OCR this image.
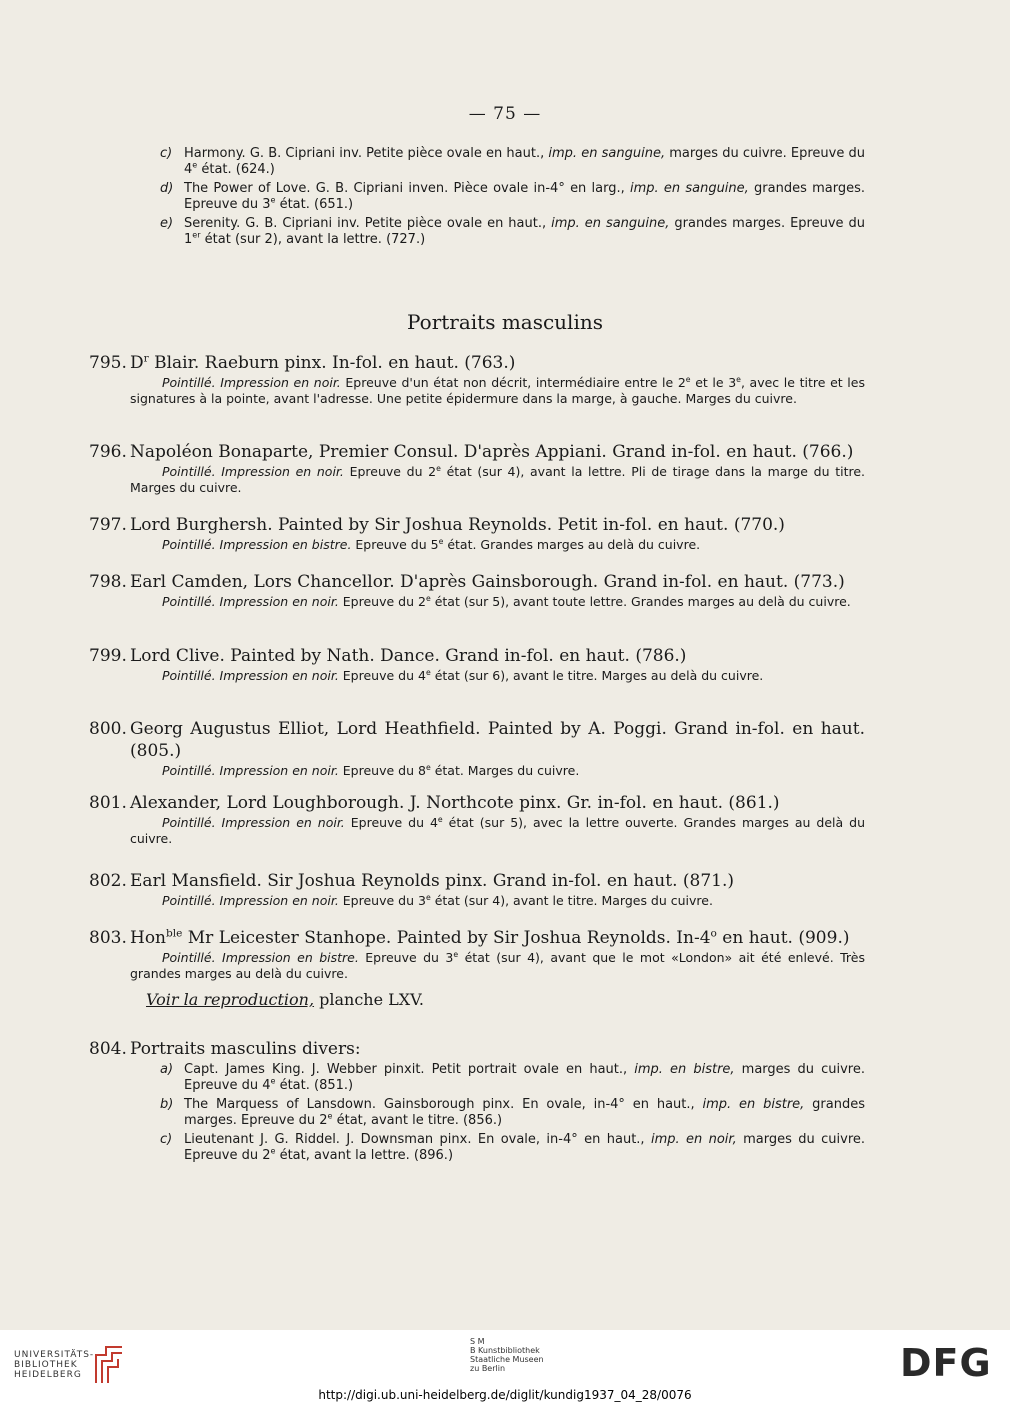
— 75 —
c) Harmony. G. B. Cipriani inv. Petite pièce ovale en haut., imp. en sanguine, marges du cuivre. Epreuve du 4e état. (624.)
d) The Power of Love. G. B. Cipriani inven. Pièce ovale in-4° en larg., imp. en sanguine, grandes marges. Epreuve du 3e état. (651.)
e) Serenity. G. B. Cipriani inv. Petite pièce ovale en haut., imp. en sanguine, grandes marges. Epreuve du 1er état (sur 2), avant la lettre. (727.)
Portraits masculins
795. $D^r$ Blair. Raeburn pinx. In-fol. en haut. (763.)
Pointillé. Impression en noir. Epreuve d'un état non décrit, intermédiaire entre le 2e et le 3e, avec le titre et les signatures à la pointe, avant l'adresse. Une petite épidermure dans la marge, à gauche. Marges du cuivre.
796. Napoléon Bonaparte, Premier Consul. D'après Appiani. Grand in-fol. en haut. (766.)
Pointillé. Impression en noir. Epreuve du 2e état (sur 4), avant la lettre. Pli de tirage dans la marge du titre. Marges du cuivre.
797. Lord Burghersh. Painted by Sir Joshua Reynolds. Petit in-fol. en haut. (770.)
Pointillé. Impression en bistre. Epreuve du 5e état. Grandes marges au delà du cuivre.
798. Earl Camden, Lors Chancellor. D'après Gainsborough. Grand in-fol. en haut. (773.)
Pointillé. Impression en noir. Epreuve du 2e état (sur 5), avant toute lettre. Grandes marges au delà du cuivre.
799. Lord Clive. Painted by Nath. Dance. Grand in-fol. en haut. (786.)
Pointillé. Impression en noir. Epreuve du 4e état (sur 6), avant le titre. Marges au delà du cuivre.
800. Georg Augustus Elliot, Lord Heathfield. Painted by A. Poggi. Grand in-fol. en haut. (805.)
Pointillé. Impression en noir. Epreuve du 8e état. Marges du cuivre.
801. Alexander, Lord Loughborough. J. Northcote pinx. Gr. in-fol. en haut. (861.)
Pointillé. Impression en noir. Epreuve du 4e état (sur 5), avec la lettre ouverte. Grandes marges au delà du cuivre.
802. Earl Mansfield. Sir Joshua Reynolds pinx. Grand in-fol. en haut. (871.)
Pointillé. Impression en noir. Epreuve du 3e état (sur 4), avant le titre. Marges du cuivre.
803. Hon$^{ble}$ Mr Leicester Stanhope. Painted by Sir Joshua Reynolds. In-4$^o$ en haut. (909.)
Pointillé. Impression en bistre. Epreuve du 3e état (sur 4), avant que le mot «London» ait été enlevé. Très grandes marges au delà du cuivre.
Voir la reproduction, planche LXV.
804. Portraits masculins divers:
a) Capt. James King. J. Webber pinxit. Petit portrait ovale en haut., imp. en bistre, marges du cuivre. Epreuve du 4e état. (851.)
b) The Marquess of Lansdown. Gainsborough pinx. En ovale, in-4° en haut., imp. en bistre, grandes marges. Epreuve du 2e état, avant le titre. (856.)
c) Lieutenant J. G. Riddel. J. Downsman pinx. En ovale, in-4° en haut., imp. en noir, marges du cuivre. Epreuve du 2e état, avant la lettre. (896.)
UNIVERSITÄTS-
BIBLIOTHEK
HEIDELBERG
S M
B Kunstbibliothek
Staatliche Museen
zu Berlin	DFG
http://digi.ub.uni-heidelberg.de/diglit/kundig1937_04_28/0076
